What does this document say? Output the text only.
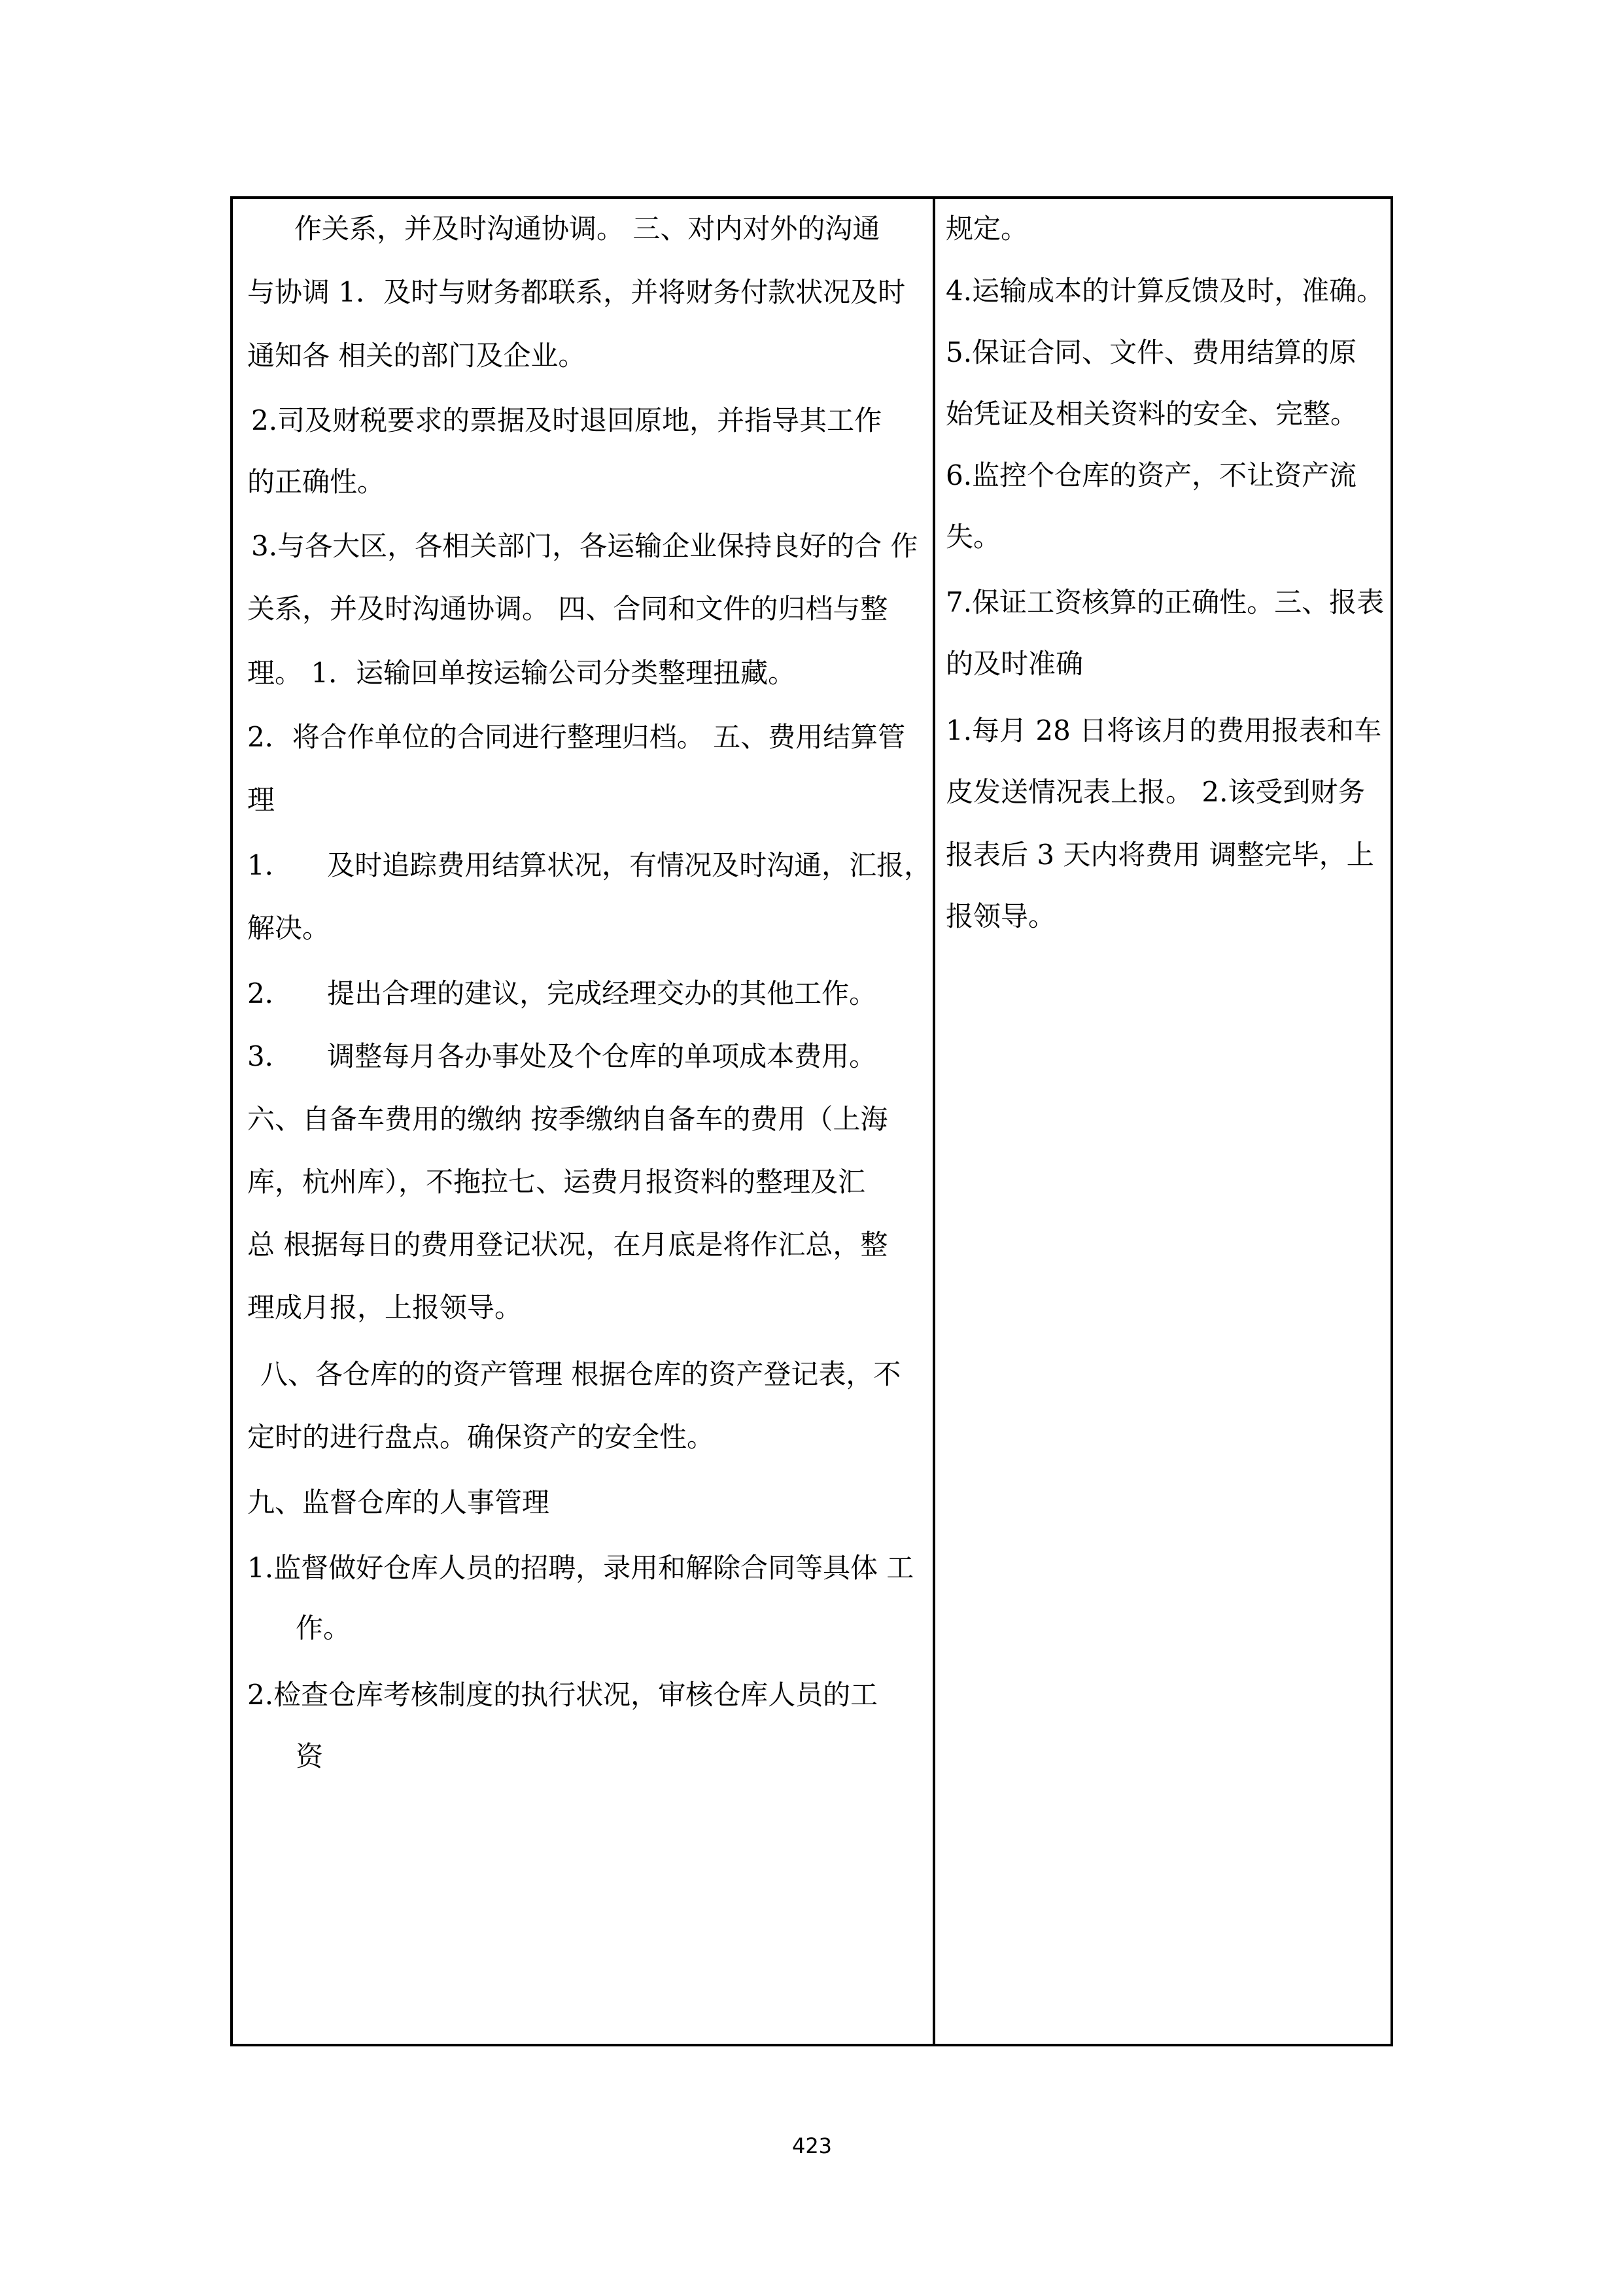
作关系，并及时沟通协调。 三、对内对外的沟通
与协调 1．及时与财务都联系，并将财务付款状况及时
通知各 相关的部门及企业。
2.司及财税要求的票据及时退回原地，并指导其工作
的正确性。
3.与各大区，各相关部门，各运输企业保持良好的合 作
关系，并及时沟通协调。 四、合同和文件的归档与整
理。 1．运输回单按运输公司分类整理扭藏。
2．将合作单位的合同进行整理归档。 五、费用结算管
理
1．    及时追踪费用结算状况，有情况及时沟通，汇报，
解决。
2．    提出合理的建议，完成经理交办的其他工作。
3．    调整每月各办事处及个仓库的单项成本费用。
六、自备车费用的缴纳 按季缴纳自备车的费用（上海
库，杭州库），不拖拉七、运费月报资料的整理及汇
总 根据每日的费用登记状况，在月底是将作汇总，整
理成月报，上报领导。
八、各仓库的的资产管理 根据仓库的资产登记表，不
定时的进行盘点。确保资产的安全性。
九、监督仓库的人事管理
1.监督做好仓库人员的招聘，录用和解除合同等具体 工
作。
2.检查仓库考核制度的执行状况，审核仓库人员的工
资
规定。
4.运输成本的计算反馈及时，准确。
5.保证合同、文件、费用结算的原
始凭证及相关资料的安全、完整。
6.监控个仓库的资产，不让资产流
失。
7.保证工资核算的正确性。三、报表
的及时准确
1.每月 28 日将该月的费用报表和车
皮发送情况表上报。 2.该受到财务
报表后 3 天内将费用 调整完毕，上
报领导。
423
